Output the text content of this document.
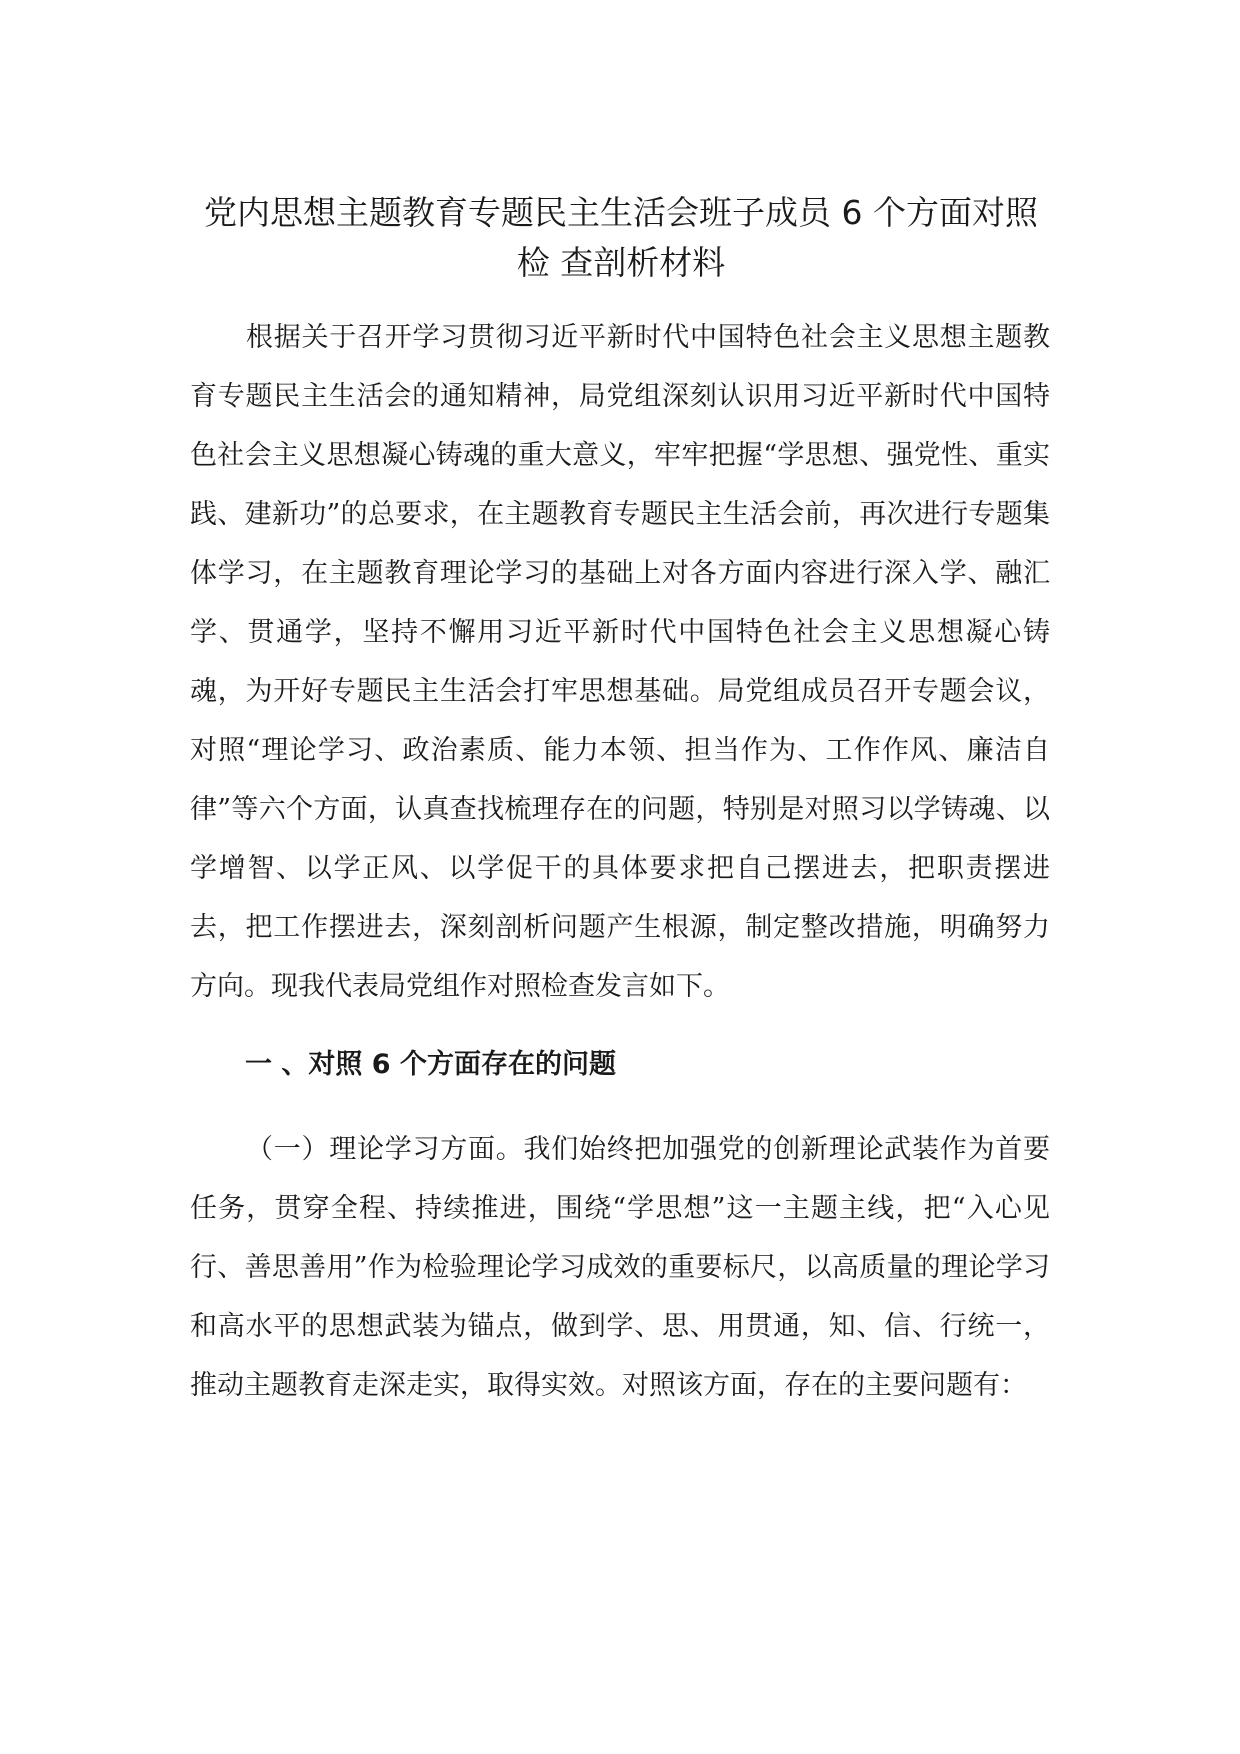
党内思想主题教育专题民主生活会班子成员 6 个方面对照
检 查剖析材料

根据关于召开学习贯彻习近平新时代中国特色社会主义思想主题教育专题民主生活会的通知精神，局党组深刻认识用习近平新时代中国特色社会主义思想凝心铸魂的重大意义，牢牢把握“学思想、强党性、重实践、建新功”的总要求，在主题教育专题民主生活会前，再次进行专题集体学习，在主题教育理论学习的基础上对各方面内容进行深入学、融汇学、贯通学，坚持不懈用习近平新时代中国特色社会主义思想凝心铸魂，为开好专题民主生活会打牢思想基础。局党组成员召开专题会议，对照“理论学习、政治素质、能力本领、担当作为、工作作风、廉洁自律”等六个方面，认真查找梳理存在的问题，特别是对照习以学铸魂、以学增智、以学正风、以学促干的具体要求把自己摆进去，把职责摆进去，把工作摆进去，深刻剖析问题产生根源，制定整改措施，明确努力方向。现我代表局党组作对照检查发言如下。

一 、对照 6 个方面存在的问题

（一）理论学习方面。我们始终把加强党的创新理论武装作为首要任务，贯穿全程、持续推进，围绕“学思想”这一主题主线，把“入心见行、善思善用”作为检验理论学习成效的重要标尺，以高质量的理论学习和高水平的思想武装为锚点，做到学、思、用贯通，知、信、行统一，推动主题教育走深走实，取得实效。对照该方面，存在的主要问题有：
